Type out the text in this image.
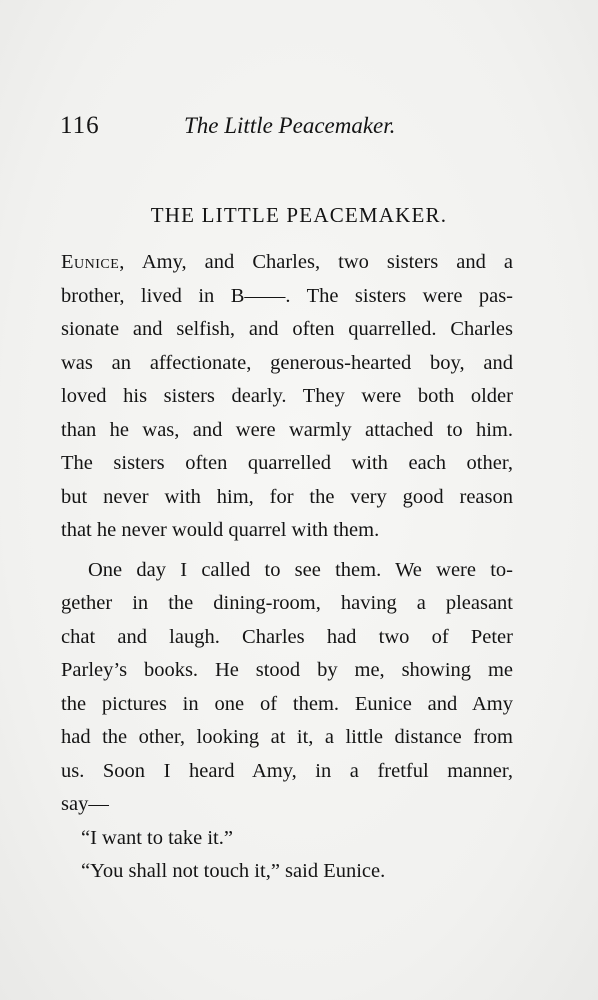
116	The Little Peacemaker.
THE LITTLE PEACEMAKER.
Eunice, Amy, and Charles, two sisters and a
brother, lived in B——. The sisters were pas-
sionate and selfish, and often quarrelled. Charles
was an affectionate, generous-hearted boy, and
loved his sisters dearly. They were both older
than he was, and were warmly attached to him.
The sisters often quarrelled with each other,
but never with him, for the very good reason
that he never would quarrel with them.
One day I called to see them. We were to-
gether in the dining-room, having a pleasant
chat and laugh. Charles had two of Peter
Parley’s books. He stood by me, showing me
the pictures in one of them. Eunice and Amy
had the other, looking at it, a little distance from
us. Soon I heard Amy, in a fretful manner,
say—
“I want to take it.”
“You shall not touch it,” said Eunice.
